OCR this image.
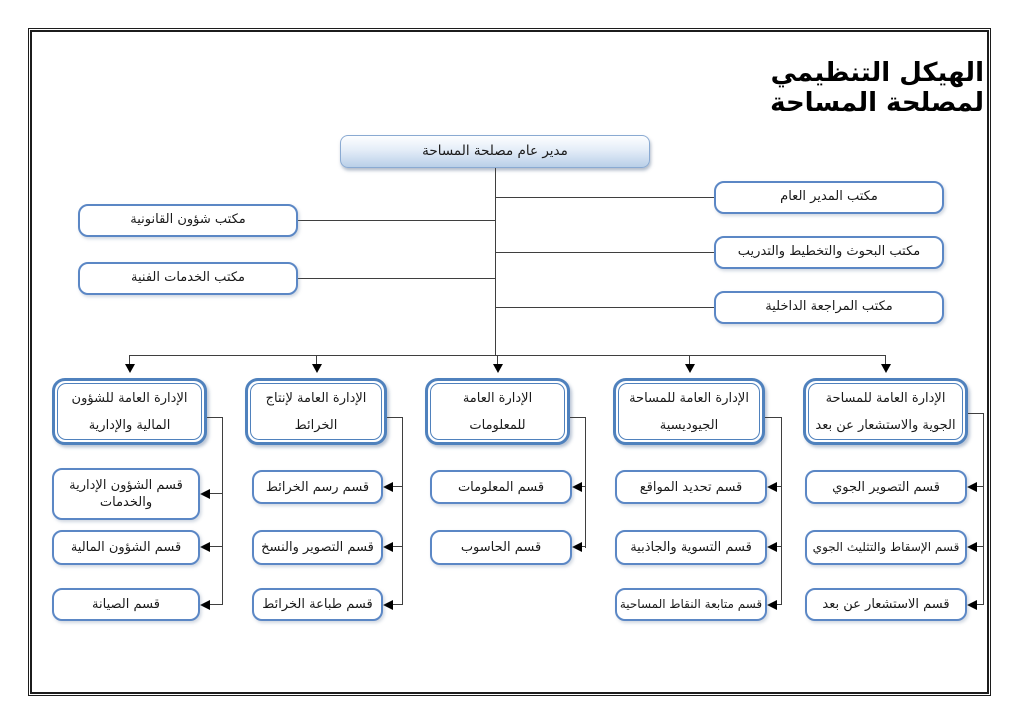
الهيكل التنظيمي لمصلحة المساحة
مدير عام مصلحة المساحة
مكتب المدير العام
مكتب البحوث والتخطيط والتدريب
مكتب المراجعة الداخلية
مكتب شؤون القانونية
مكتب الخدمات الفنية
الإدارة العامة للشؤون
المالية والإدارية
الإدارة العامة لإنتاج
الخرائط
الإدارة العامة
للمعلومات
الإدارة العامة للمساحة
الجيوديسية
الإدارة العامة للمساحة
الجوية والاستشعار عن بعد
قسم الشؤون الإدارية
والخدمات
قسم الشؤون المالية
قسم الصيانة
قسم رسم الخرائط
قسم التصوير والنسخ
قسم طباعة الخرائط
قسم المعلومات
قسم الحاسوب
قسم تحديد المواقع
قسم التسوية والجاذبية
قسم متابعة النقاط المساحية
قسم التصوير الجوي
قسم الإسقاط والتثليث الجوي
قسم الاستشعار عن بعد
